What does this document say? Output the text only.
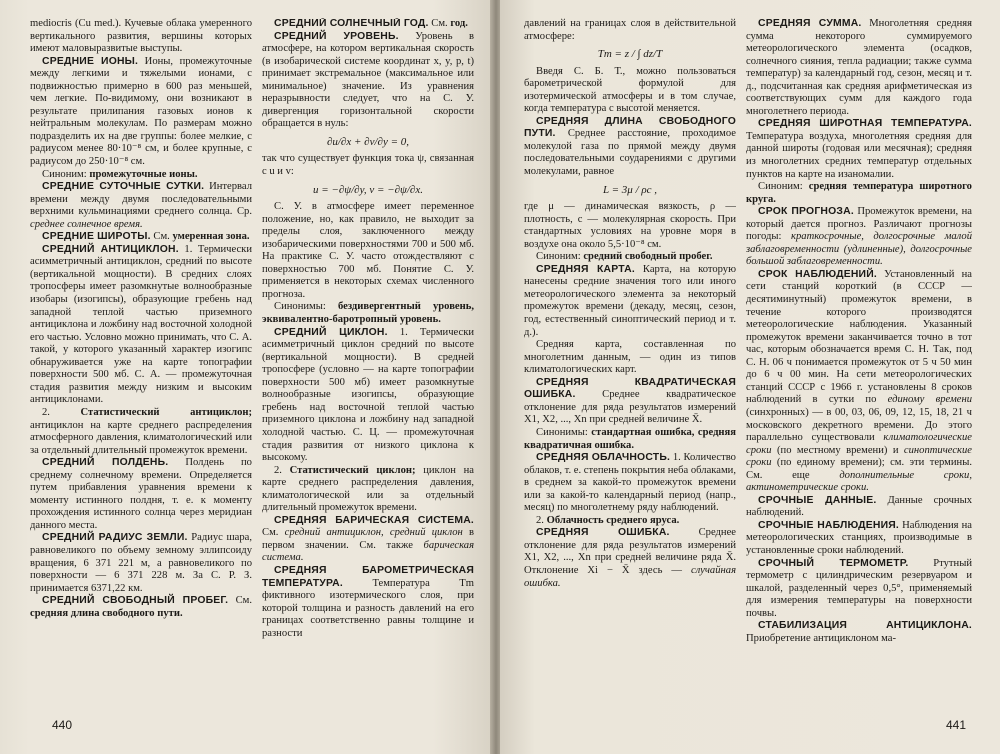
mediocris (Cu med.). Кучевые облака умеренного вертикального развития, вершины которых имеют маловыразвитые выступы.

СРЕДНИЕ ИОНЫ. Ионы, промежуточные между легкими и тяжелыми ионами, с подвижностью примерно в 600 раз меньшей, чем легкие. По-видимому, они возникают в результате прилипания газовых ионов к нейтральным молекулам. По размерам можно подразделить их на две группы: более мелкие, с радиусом менее 80·10⁻⁸ см, и более крупные, с радиусом до 250·10⁻⁸ см.

Синоним: промежуточные ионы.

СРЕДНИЕ СУТОЧНЫЕ СУТКИ. Интервал времени между двумя последовательными верхними кульминациями среднего солнца. Ср. среднее солнечное время.

СРЕДНИЕ ШИРОТЫ. См. умеренная зона.

СРЕДНИЙ АНТИЦИКЛОН. 1. Термически асимметричный антициклон, средний по высоте (вертикальной мощности). В средних слоях тропосферы имеет разомкнутые волнообразные изобары (изогипсы), образующие гребень над западной теплой частью приземного антициклона и ложбину над восточной холодной его частью. Условно можно принимать, что С. А. такой, у которого указанный характер изогипс обнаруживается уже на карте топографии поверхности 500 мб. С. А. — промежуточная стадия развития между низким и высоким антициклонами.

2.	Статистический антициклон; антициклон на карте среднего распределения атмосферного давления, климатологический или за отдельный длительный промежуток времени.

СРЕДНИЙ ПОЛДЕНЬ. Полдень по среднему солнечному времени. Определяется путем прибавления уравнения времени к моменту истинного полдня, т. е. к моменту прохождения истинного солнца через меридиан данного места.

СРЕДНИЙ РАДИУС ЗЕМЛИ. Радиус шара, равновеликого по объему земному эллипсоиду вращения, 6 371 221 м, а равновеликого по поверхности — 6 371 228 м. За С. Р. З. принимается 6371,22 км.

СРЕДНИЙ СВОБОДНЫЙ ПРОБЕГ. См. средняя длина свободного пути.

СРЕДНИЙ СОЛНЕЧНЫЙ ГОД. См. год.

СРЕДНИЙ УРОВЕНЬ. Уровень в атмосфере, на котором вертикальная скорость (в изобарической системе координат x, y, p, t) принимает экстремальное (максимальное или минимальное) значение. Из уравнения неразрывности следует, что на С. У. дивергенция горизонтальной скорости обращается в нуль:

∂u/∂x + ∂v/∂y = 0,

так что существует функция тока ψ, связанная с u и v:

u = −∂ψ/∂y, v = −∂ψ/∂x.

С. У. в атмосфере имеет переменное положение, но, как правило, не выходит за пределы слоя, заключенного между изобарическими поверхностями 700 и 500 мб. На практике С. У. часто отождествляют с поверхностью 700 мб. Понятие С. У. применяется в некоторых схемах численного прогноза.

Синонимы: бездивергентный уровень, эквивалентно-баротропный уровень.

СРЕДНИЙ ЦИКЛОН. 1. Термически асимметричный циклон средний по высоте (вертикальной мощности). В средней тропосфере (условно — на карте топографии поверхности 500 мб) имеет разомкнутые волнообразные изогипсы, образующие гребень над восточной теплой частью приземного циклона и ложбину над западной холодной частью. С. Ц. — промежуточная стадия развития от низкого циклона к высокому.

2. Статистический циклон; циклон на карте среднего распределения давления, климатологической или за отдельный длительный промежуток времени.

СРЕДНЯЯ БАРИЧЕСКАЯ СИСТЕМА. См. средний антициклон, средний циклон в первом значении. См. также барическая система.

СРЕДНЯЯ БАРОМЕТРИЧЕСКАЯ ТЕМПЕРАТУРА.	Температура Tm фиктивного изотермического слоя, при которой толщина и разность давлений на его границах соответственно равны толщине и разности

440

давлений на границах слоя в действительной атмосфере:

Tm = z / ∫ dz/T

Введя С. Б. Т., можно пользоваться барометрической формулой для изотермической атмосферы и в том случае, когда температура с высотой меняется.

СРЕДНЯЯ ДЛИНА СВОБОДНОГО ПУТИ. Среднее расстояние, проходимое молекулой газа по прямой между двумя последовательными соударениями с другими молекулами, равное

L = 3μ / ρc ,

где μ — динамическая вязкость, ρ — плотность, c — молекулярная скорость. При стандартных условиях на уровне моря в воздухе она около 5,5·10⁻⁸ см.

Синоним: средний свободный пробег.

СРЕДНЯЯ КАРТА. Карта, на которую нанесены средние значения того или иного метеорологического элемента за некоторый промежуток времени (декаду, месяц, сезон, год, естественный синоптический период и т. д.).

Средняя карта, составленная по многолетним данным, — один из типов климатологических карт.

СРЕДНЯЯ КВАДРАТИЧЕСКАЯ ОШИБКА.	Среднее квадратическое отклонение для ряда результатов измерений X1, X2, ..., Xn при средней величине X̄.

Синонимы: стандартная ошибка, средняя квадратичная ошибка.

СРЕДНЯЯ ОБЛАЧНОСТЬ. 1. Количество облаков, т. е. степень покрытия неба облаками, в среднем за какой-то промежуток времени или за какой-то календарный период (напр., месяц) по многолетнему ряду наблюдений.

2. Облачность среднего яруса.

СРЕДНЯЯ ОШИБКА.	Среднее отклонение для ряда результатов измерений X1, X2, ..., Xn при средней величине ряда X̄. Отклонение Xi − X̄ здесь — случайная ошибка.

СРЕДНЯЯ СУММА. Многолетняя средняя сумма некоторого суммируемого метеорологического элемента (осадков, солнечного сияния, тепла радиации; также сумма температур) за календарный год, сезон, месяц и т. д., подсчитанная как средняя арифметическая из соответствующих сумм для каждого года многолетнего периода.

СРЕДНЯЯ ШИРОТНАЯ ТЕМПЕРАТУРА. Температура воздуха, многолетняя средняя для данной широты (годовая или месячная); средняя из многолетних средних температур отдельных пунктов на карте на изаномалии.

Синоним: средняя температура широтного круга.

СРОК ПРОГНОЗА. Промежуток времени, на который дается прогноз. Различают прогнозы погоды: краткосрочные, долгосрочные малой заблаговременности (удлиненные), долгосрочные большой заблаговременности.

СРОК НАБЛЮДЕНИЙ. Установленный на сети станций короткий (в СССР — десятиминутный) промежуток времени, в течение которого производятся метеорологические наблюдения. Указанный промежуток времени заканчивается точно в тот час, которым обозначается время С. Н. Так, под С. Н. 06 ч понимается промежуток от 5 ч 50 мин до 6 ч 00 мин. На сети метеорологических станций СССР с 1966 г. установлены 8 сроков наблюдений в сутки по единому времени (синхронных) — в 00, 03, 06, 09, 12, 15, 18, 21 ч московского декретного времени. До этого параллельно существовали климатологические сроки (по местному времени) и синоптические сроки (по единому времени); см. эти термины. См. еще	дополнительные сроки, актинометрические сроки.

СРОЧНЫЕ ДАННЫЕ. Данные срочных наблюдений.

СРОЧНЫЕ НАБЛЮДЕНИЯ. Наблюдения на метеорологических станциях, производимые в установленные сроки наблюдений.

СРОЧНЫЙ ТЕРМОМЕТР. Ртутный термометр с цилиндрическим резервуаром и шкалой, разделенный через 0,5°, применяемый для измерения температуры на поверхности почвы.

СТАБИЛИЗАЦИЯ АНТИЦИКЛОНА. Приобретение антициклоном ма-

441
